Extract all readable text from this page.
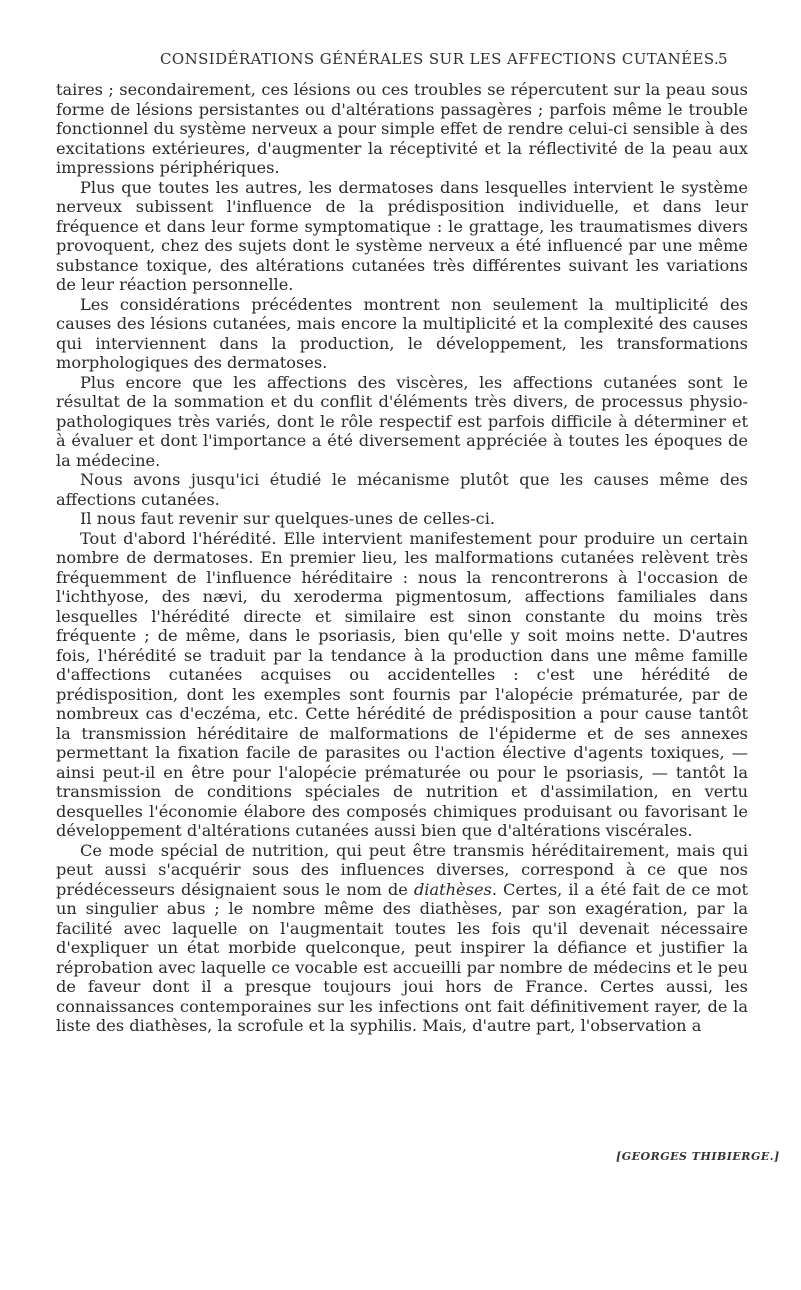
CONSIDÉRATIONS GÉNÉRALES SUR LES AFFECTIONS CUTANÉES.
5

taires ; secondairement, ces lésions ou ces troubles se répercutent sur la peau sous forme de lésions persistantes ou d'altérations passagères ; parfois même le trouble fonctionnel du système nerveux a pour simple effet de rendre celui-ci sensible à des excitations extérieures, d'augmenter la réceptivité et la réflectivité de la peau aux impressions périphériques.

Plus que toutes les autres, les dermatoses dans lesquelles intervient le système nerveux subissent l'influence de la prédisposition individuelle, et dans leur fréquence et dans leur forme symptomatique : le grattage, les traumatismes divers provoquent, chez des sujets dont le système nerveux a été influencé par une même substance toxique, des altérations cutanées très différentes suivant les variations de leur réaction personnelle.

Les considérations précédentes montrent non seulement la multiplicité des causes des lésions cutanées, mais encore la multiplicité et la complexité des causes qui interviennent dans la production, le développement, les transformations morphologiques des dermatoses.

Plus encore que les affections des viscères, les affections cutanées sont le résultat de la sommation et du conflit d'éléments très divers, de processus physio-pathologiques très variés, dont le rôle respectif est parfois difficile à déterminer et à évaluer et dont l'importance a été diversement appréciée à toutes les époques de la médecine.

Nous avons jusqu'ici étudié le mécanisme plutôt que les causes même des affections cutanées.

Il nous faut revenir sur quelques-unes de celles-ci.

Tout d'abord l'hérédité. Elle intervient manifestement pour produire un certain nombre de dermatoses. En premier lieu, les malformations cutanées relèvent très fréquemment de l'influence héréditaire : nous la rencontrerons à l'occasion de l'ichthyose, des nævi, du xeroderma pigmentosum, affections familiales dans lesquelles l'hérédité directe et similaire est sinon constante du moins très fréquente ; de même, dans le psoriasis, bien qu'elle y soit moins nette. D'autres fois, l'hérédité se traduit par la tendance à la production dans une même famille d'affections cutanées acquises ou accidentelles : c'est une hérédité de prédisposition, dont les exemples sont fournis par l'alopécie prématurée, par de nombreux cas d'eczéma, etc. Cette hérédité de prédisposition a pour cause tantôt la transmission héréditaire de malformations de l'épiderme et de ses annexes permettant la fixation facile de parasites ou l'action élective d'agents toxiques, — ainsi peut-il en être pour l'alopécie prématurée ou pour le psoriasis, — tantôt la transmission de conditions spéciales de nutrition et d'assimilation, en vertu desquelles l'économie élabore des composés chimiques produisant ou favorisant le développement d'altérations cutanées aussi bien que d'altérations viscérales.

Ce mode spécial de nutrition, qui peut être transmis héréditairement, mais qui peut aussi s'acquérir sous des influences diverses, correspond à ce que nos prédécesseurs désignaient sous le nom de diathèses. Certes, il a été fait de ce mot un singulier abus ; le nombre même des diathèses, par son exagération, par la facilité avec laquelle on l'augmentait toutes les fois qu'il devenait nécessaire d'expliquer un état morbide quelconque, peut inspirer la défiance et justifier la réprobation avec laquelle ce vocable est accueilli par nombre de médecins et le peu de faveur dont il a presque toujours joui hors de France. Certes aussi, les connaissances contemporaines sur les infections ont fait définitivement rayer, de la liste des diathèses, la scrofule et la syphilis. Mais, d'autre part, l'observation a

[GEORGES THIBIERGE.]
